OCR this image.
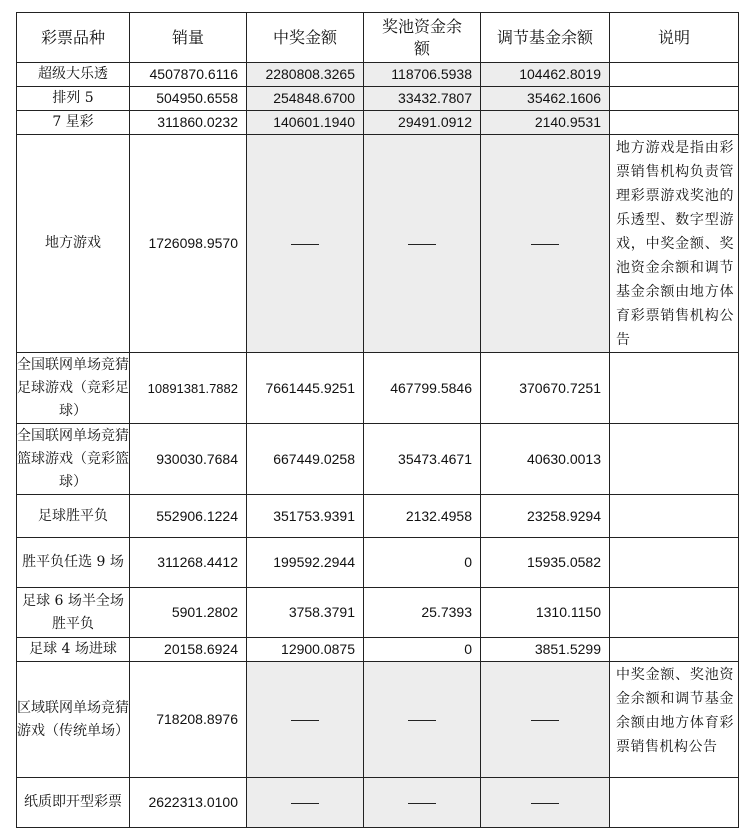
彩票品种	销量	中奖金额	奖池资金余额	调节基金余额	说明
超级大乐透	4507870.6116	2280808.3265	118706.5938	104462.8019	
排列 5	504950.6558	254848.6700	33432.7807	35462.1606	
7 星彩	311860.0232	140601.1940	29491.0912	2140.9531	
地方游戏	1726098.9570	——	——	——	地方游戏是指由彩票销售机构负责管理彩票游戏奖池的乐透型、数字型游戏，中奖金额、奖池资金余额和调节基金余额由地方体育彩票销售机构公告
全国联网单场竞猜足球游戏（竞彩足球）	10891381.7882	7661445.9251	467799.5846	370670.7251	
全国联网单场竞猜篮球游戏（竞彩篮球）	930030.7684	667449.0258	35473.4671	40630.0013	
足球胜平负	552906.1224	351753.9391	2132.4958	23258.9294	
胜平负任选 9 场	311268.4412	199592.2944	0	15935.0582	
足球 6 场半全场胜平负	5901.2802	3758.3791	25.7393	1310.1150	
足球 4 场进球	20158.6924	12900.0875	0	3851.5299	
区域联网单场竞猜游戏（传统单场）	718208.8976	——	——	——	中奖金额、奖池资金余额和调节基金余额由地方体育彩票销售机构公告
纸质即开型彩票	2622313.0100	——	——	——	
